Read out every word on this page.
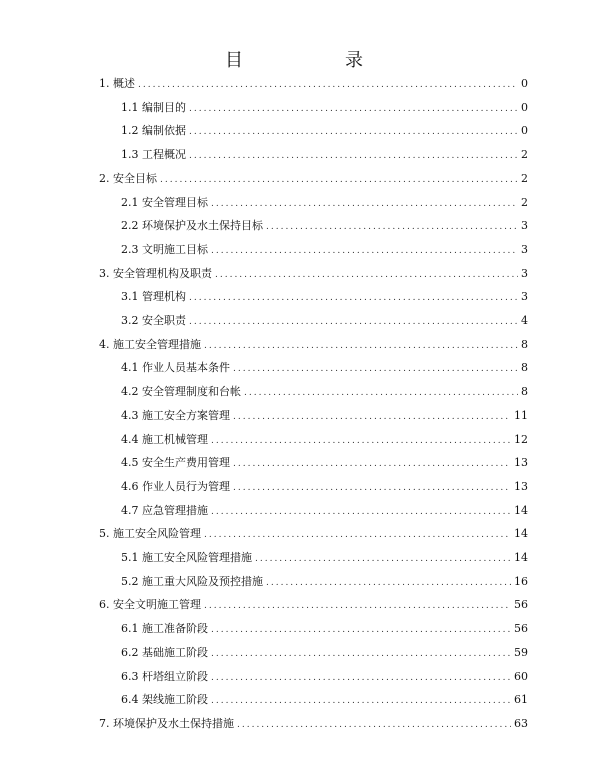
目　录
1. 概述 .....	0
1.1 编制目的 .....	0
1.2 编制依据 .....	0
1.3 工程概况 .....	2
2. 安全目标 .....	2
2.1 安全管理目标 .....	2
2.2 环境保护及水土保持目标 .....	3
2.3 文明施工目标 .....	3
3. 安全管理机构及职责 .....	3
3.1 管理机构 .....	3
3.2 安全职责 .....	4
4. 施工安全管理措施 .....	8
4.1 作业人员基本条件 .....	8
4.2 安全管理制度和台帐 .....	8
4.3 施工安全方案管理 .....	11
4.4 施工机械管理 .....	12
4.5 安全生产费用管理 .....	13
4.6 作业人员行为管理 .....	13
4.7 应急管理措施 .....	14
5. 施工安全风险管理 .....	14
5.1 施工安全风险管理措施 .....	14
5.2 施工重大风险及预控措施 .....	16
6. 安全文明施工管理 .....	56
6.1 施工准备阶段 .....	56
6.2 基础施工阶段 .....	59
6.3 杆塔组立阶段 .....	60
6.4 架线施工阶段 .....	61
7. 环境保护及水土保持措施 .....	63
